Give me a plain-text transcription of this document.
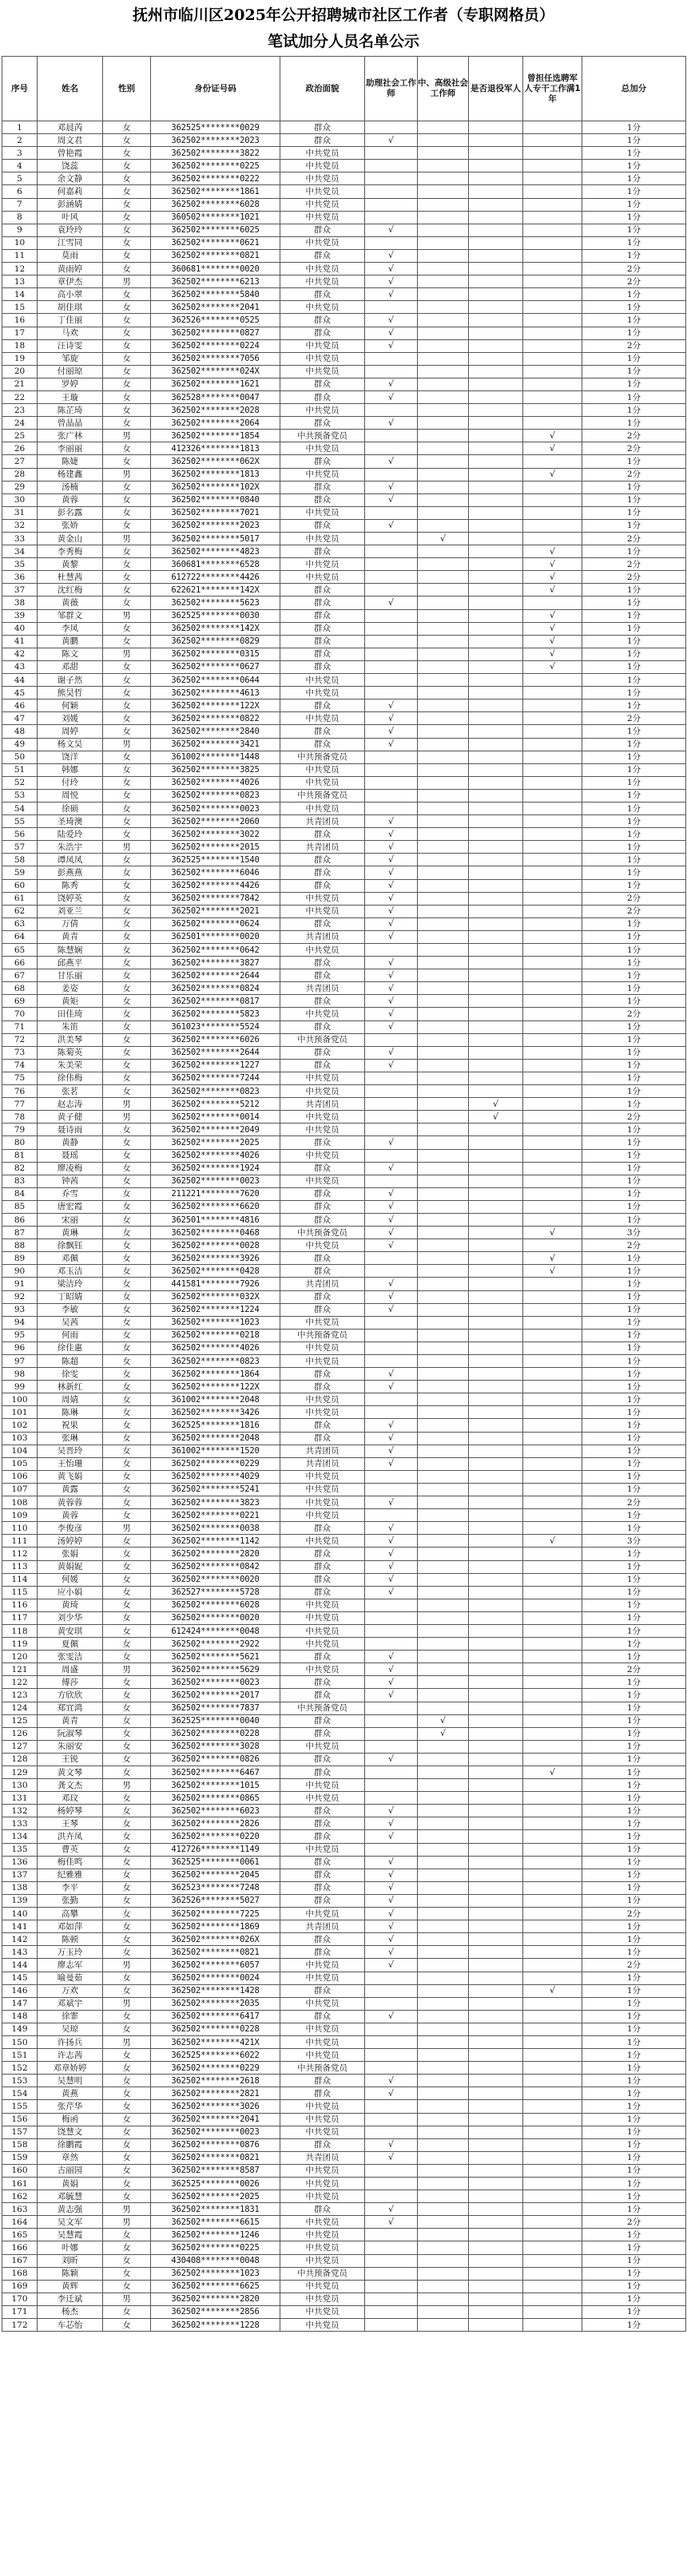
抚州市临川区2025年公开招聘城市社区工作者（专职网格员）
笔试加分人员名单公示
序号	姓名	性别	身份证号码	政治面貌	助理社会工作师	中、高级社会工作师	是否退役军人	曾担任选聘军人专干工作满1年	总加分
1	邓晨芮	女	362525********0029	群众					1分
2	周文君	女	362502********2023	群众	√				1分
3	曾艳霞	女	362502********3822	中共党员					1分
4	饶蕊	女	362502********0225	中共党员					1分
5	余文静	女	362502********0222	中共党员					1分
6	何嘉莉	女	362502********1861	中共党员					1分
7	彭涵婧	女	362502********6028	中共党员					1分
8	叶风	女	360502********1021	中共党员					1分
9	袁玲玲	女	362502********6025	群众	√				1分
10	江雪同	女	362502********0621	中共党员					1分
11	莫雨	女	362502********0821	群众	√				1分
12	黄雨婷	女	360681********0020	中共党员	√				2分
13	章伊杰	男	362502********6213	中共党员	√				2分
14	高小翠	女	362502********5840	群众	√				1分
15	胡佳琪	女	362502********2041	中共党员					1分
16	丁佳丽	女	362526********0525	群众	√				1分
17	马欢	女	362502********0827	群众	√				1分
18	汪诗雯	女	362502********0224	中共党员	√				2分
19	邹旋	女	362502********7056	中共党员					1分
20	付丽琼	女	362502********024X	中共党员					1分
21	罗婷	女	362502********1621	群众	√				1分
22	王璇	女	362528********0047	群众	√				1分
23	陈芷琦	女	362502********2028	中共党员					1分
24	曾晶晶	女	362502********2064	群众	√				1分
25	张广林	男	362502********1854	中共预备党员				√	2分
26	李丽丽	女	412326********1813	中共党员				√	2分
27	陈婕	女	362502********062X	群众	√				1分
28	杨建鑫	男	362502********1813	中共党员				√	2分
29	汤楠	女	362502********102X	群众	√				1分
30	黄蓉	女	362502********0840	群众	√				1分
31	彭名露	女	362502********7021	中共党员					1分
32	张娇	女	362502********2023	群众	√				1分
33	黄金山	男	362502********5017	中共党员		√			2分
34	李秀梅	女	362502********4823	群众				√	1分
35	黄黎	女	360681********6528	中共党员				√	2分
36	杜慧茜	女	612722********4426	中共党员				√	2分
37	沈红梅	女	622621********142X	群众				√	1分
38	黄薇	女	362502********5623	群众	√				1分
39	邹群文	男	362525********0030	群众				√	1分
40	李凤	女	362502********142X	群众				√	1分
41	黄鹏	女	362502********0829	群众				√	1分
42	陈文	男	362502********0315	群众				√	1分
43	邓甜	女	362502********0627	群众				√	1分
44	谢子然	女	362502********0644	中共党员					1分
45	熊昊哲	女	362502********4613	中共党员					1分
46	何颖	女	362502********122X	群众	√				1分
47	刘媛	女	362502********0822	中共党员	√				2分
48	周婷	女	362502********2840	群众	√				1分
49	杨文昊	男	362502********3421	群众	√				1分
50	饶洋	女	361002********1448	中共预备党员					1分
51	韩娜	女	362502********3825	中共党员					1分
52	付玲	女	362502********4026	中共党员					1分
53	周悦	女	362502********0823	中共预备党员					1分
54	徐硕	女	362502********0023	中共党员					1分
55	圣琦澳	女	362502********2060	共青团员	√				1分
56	陆爱玲	女	362502********3022	群众	√				1分
57	朱浩宇	男	362502********2015	共青团员	√				1分
58	谭凤凤	女	362525********1540	群众	√				1分
59	彭燕燕	女	362502********6046	群众	√				1分
60	陈秀	女	362502********4426	群众	√				1分
61	饶婷英	女	362502********7842	中共党员	√				2分
62	刘亚兰	女	362502********2021	中共党员	√				2分
63	万倩	女	362502********0624	群众	√				1分
64	黄青	女	362501********0020	共青团员	√				1分
65	陈慧娴	女	362502********0642	中共党员					1分
66	邱燕平	女	362502********3827	群众	√				1分
67	甘乐丽	女	362502********2644	群众	√				1分
68	姜姿	女	362502********0824	共青团员	√				1分
69	黄矩	女	362502********0817	群众	√				1分
70	田佳琦	女	362502********5823	中共党员	√				2分
71	朱笛	女	361023********5524	群众	√				1分
72	洪美琴	女	362502********6026	中共预备党员					1分
73	陈菊英	女	362502********2644	群众	√				1分
74	朱美荣	女	362502********1227	群众	√				1分
75	徐伟梅	女	362502********7244	中共党员					1分
76	张茗	女	362502********0823	中共党员					1分
77	赵志涛	男	362502********5212	共青团员			√		1分
78	黄子健	男	362502********0014	中共党员			√		2分
79	聂诗雨	女	362502********2049	中共党员					1分
80	黄静	女	362502********2025	群众	√				1分
81	聂瑶	女	362502********4026	中共党员					1分
82	廖凌梅	女	362502********1924	群众	√				1分
83	钟茜	女	362502********0023	中共党员					1分
84	乔雪	女	211221********7620	群众	√				1分
85	唐宏霞	女	362502********6620	群众	√				1分
86	宋丽	女	362501********4816	群众	√				1分
87	黄琳	女	362502********0468	中共预备党员	√			√	3分
88	徐飘钰	女	362502********0028	中共党员	√				2分
89	邓佩	女	362502********3926	群众				√	1分
90	邓玉洁	女	362502********0428	群众				√	1分
91	梁洁玲	女	441581********7926	共青团员	√				1分
92	丁昭婧	女	362502********032X	群众	√				1分
93	李敏	女	362502********1224	群众	√				1分
94	吴茜	女	362502********1023	中共党员					1分
95	何雨	女	362502********0218	中共预备党员					1分
96	徐佳惠	女	362502********4026	中共党员					1分
97	陈超	女	362502********0823	中共党员					1分
98	徐雯	女	362502********1864	群众	√				1分
99	林新红	女	362502********122X	群众	√				1分
100	周婧	女	361002********2048	中共党员					1分
101	陈琳	女	362502********3426	中共党员					1分
102	祝果	女	362525********1816	群众	√				1分
103	张琳	女	362502********2048	群众	√				1分
104	吴晋玲	女	361002********1520	共青团员	√				1分
105	王怡珊	女	362502********0229	共青团员	√				1分
106	黄飞娟	女	362502********4029	中共党员					1分
107	黄露	女	362502********5241	中共党员					1分
108	黄蓉蓉	女	362502********3823	中共党员	√				2分
109	黄蓉	女	362502********0221	中共党员					1分
110	李俊彦	男	362502********0038	群众	√				1分
111	汤婷婷	女	362502********1142	中共党员	√			√	3分
112	张娟	女	362502********2820	群众	√				1分
113	黄娟妮	女	362502********0842	群众	√				1分
114	何媛	女	362502********0020	群众	√				1分
115	应小娟	女	362527********5728	群众	√				1分
116	黄琦	女	362502********6028	中共党员					1分
117	刘少华	女	362502********0020	中共党员					1分
118	黄安琪	女	612424********0048	中共党员					1分
119	夏佩	女	362502********2922	中共党员					1分
120	张雯洁	女	362502********5621	群众	√				1分
121	周盛	男	362502********5629	中共党员	√				2分
122	傅莎	女	362502********0023	群众	√				1分
123	方欣欣	女	362502********2017	群众	√				1分
124	郑宜鸿	女	362502********7837	中共预备党员					1分
125	黄青	女	362525********0040	群众		√			1分
126	阮淑琴	女	362502********0228	群众		√			1分
127	朱丽安	女	362502********3028	中共党员					1分
128	王锐	女	362502********0826	群众	√				1分
129	黄文琴	女	362502********6467	群众				√	1分
130	龚文杰	男	362502********1015	中共党员					1分
131	邓玟	女	362502********0865	中共党员					1分
132	杨婷琴	女	362502********6023	群众	√				1分
133	王琴	女	362502********2826	群众	√				1分
134	洪卉凤	女	362502********0220	群众	√				1分
135	曹英	女	412726********1149	中共党员					1分
136	梅佳鸣	女	362525********0061	群众	√				1分
137	纪雅雅	女	362502********2045	群众	√				1分
138	李平	女	362523********7248	群众	√				1分
139	张勤	女	362526********5027	群众	√				1分
140	高攀	女	362502********7225	中共党员	√				2分
141	邓如萍	女	362502********1869	共青团员	√				1分
142	陈顿	女	362502********026X	群众	√				1分
143	万玉玲	女	362502********0821	群众	√				1分
144	廖志军	男	362502********6057	中共党员	√				2分
145	喻曼茹	女	362502********0024	中共党员					1分
146	万欢	女	362502********1428	群众				√	1分
147	邓斌宇	男	362502********2035	中共党员					1分
148	徐霏	女	362502********6417	群众	√				1分
149	吴琼	女	362502********0228	中共党员					1分
150	许扬兵	男	362502********421X	中共党员					1分
151	许志茜	女	362525********6022	中共党员					1分
152	邓章娇婷	女	362502********0229	中共预备党员					1分
153	吴慧明	女	362502********2618	群众	√				1分
154	黄燕	女	362502********2821	群众	√				1分
155	张芹华	女	362502********3026	中共党员					1分
156	梅函	女	362502********2041	中共党员					1分
157	饶慧文	女	362502********0023	中共党员					1分
158	徐鹏霞	女	362502********0876	群众	√				1分
159	章然	女	362502********0821	共青团员	√				1分
160	古丽园	女	362502********8587	中共党员					1分
161	黄娟	女	362525********0026	中共党员					1分
162	邓毓慧	女	362502********2025	中共党员					1分
163	黄志强	男	362502********1831	群众	√				1分
164	吴文军	男	362502********6615	中共党员	√				2分
165	吴慧霞	女	362502********1246	中共党员					1分
166	叶娜	女	362502********0225	中共党员					1分
167	刘昕	女	430408********0048	中共党员					1分
168	陈颖	女	362502********1023	中共预备党员					1分
169	黄辉	女	362502********6625	中共党员					1分
170	李迁斌	男	362502********2820	中共党员					1分
171	杨杰	女	362502********2856	中共党员					1分
172	车芯怡	女	362502********1228	中共党员					1分
